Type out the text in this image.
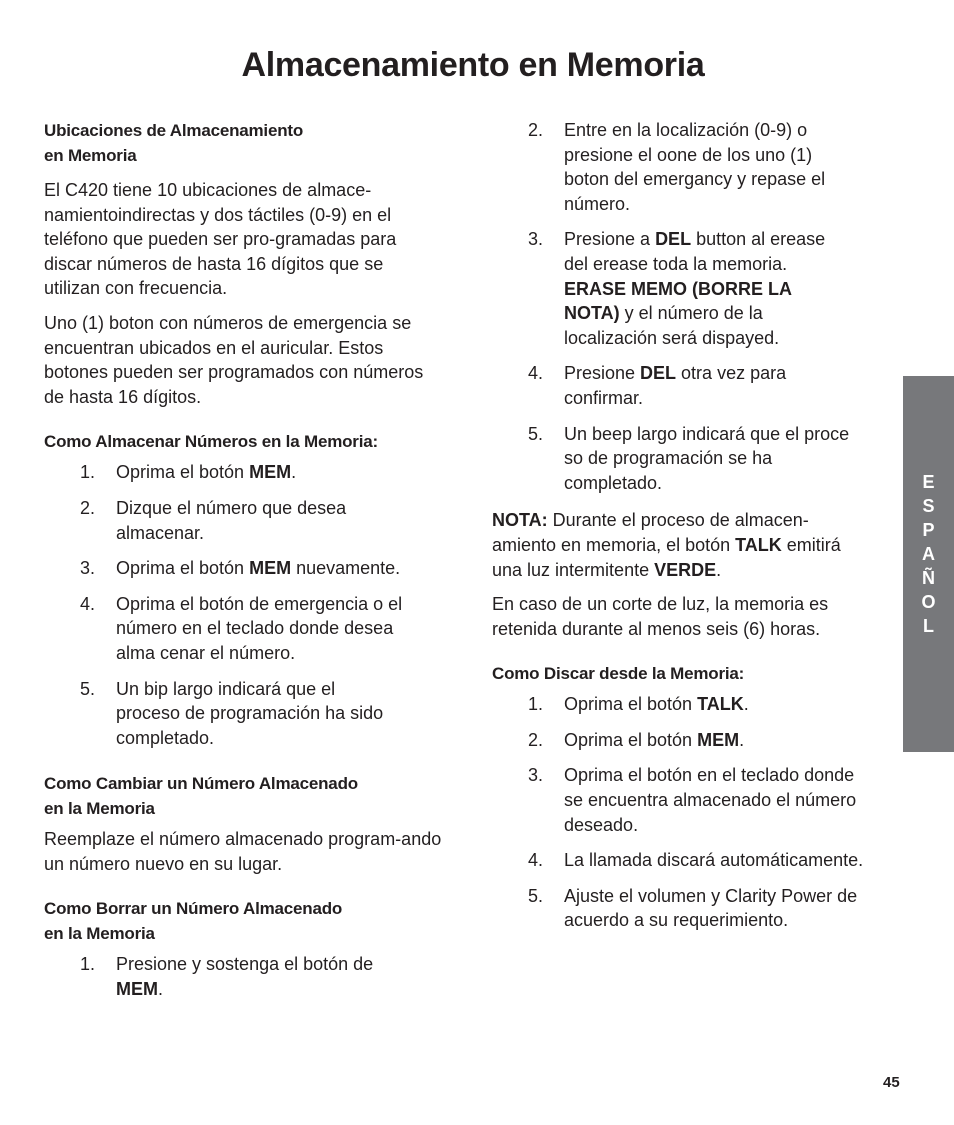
Almacenamiento en Memoria

Ubicaciones de Almacenamiento
en Memoria

El C420 tiene 10 ubicaciones de almace-namientoindirectas y dos táctiles (0-9) en el teléfono que pueden ser pro-gramadas para discar números de hasta 16 dígitos que se utilizan con frecuencia.

Uno (1) boton con números de emergencia se encuentran ubicados en el auricular. Estos botones pueden ser programados con números de hasta 16 dígitos.

Como Almacenar Números en la Memoria:

1. Oprima el botón MEM.
2. Dizque el número que desea almacenar.
3. Oprima el botón MEM nuevamente.
4. Oprima el botón de emergencia o el número en el teclado donde desea alma cenar el número.
5. Un bip largo indicará que el proceso de programación ha sido completado.

Como Cambiar un Número Almacenado
en la Memoria

Reemplaze el número almacenado program-ando un número nuevo en su lugar.

Como Borrar un Número Almacenado
en la Memoria

1. Presione y sostenga el botón de MEM.
2. Entre en la localización (0-9) o presione el oone de los uno (1) boton del emergancy y repase el número.
3. Presione a DEL button al erease del erease toda la memoria. ERASE MEMO (BORRE LA NOTA) y el número de la localización será dispayed.
4. Presione DEL otra vez para confirmar.
5. Un beep largo indicará que el proce so de programación se ha completado.

NOTA: Durante el proceso de almacen-amiento en memoria, el botón TALK emitirá una luz intermitente VERDE.

En caso de un corte de luz, la memoria es retenida durante al menos seis (6) horas.

Como Discar desde la Memoria:

1. Oprima el botón TALK.
2. Oprima el botón MEM.
3. Oprima el botón en el teclado donde se encuentra almacenado el número deseado.
4. La llamada discará automáticamente.
5. Ajuste el volumen y Clarity Power de acuerdo a su requerimiento.
E
S
P
A
Ñ
O
L
45
